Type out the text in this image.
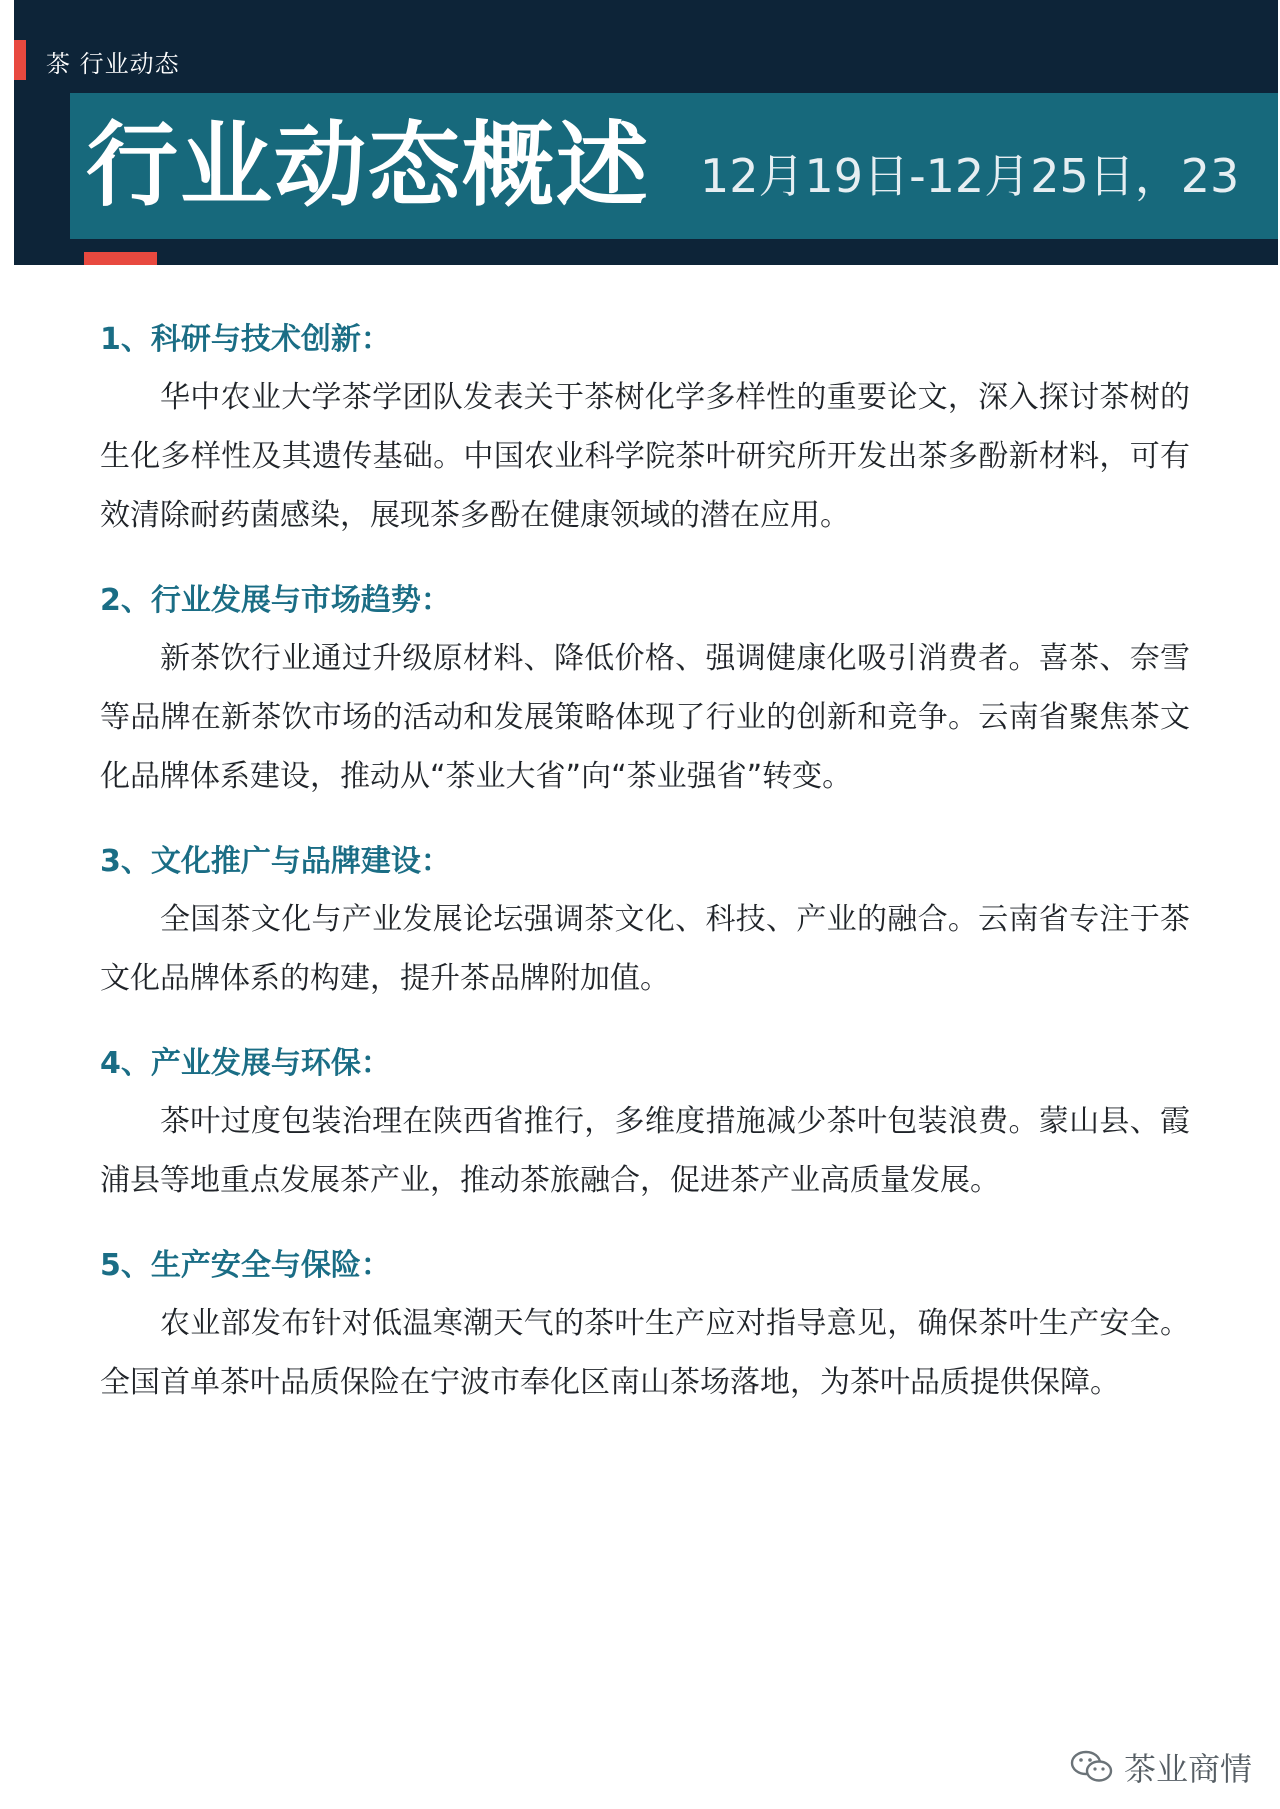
茶 行业动态
行业动态概述 12月19日-12月25日，23
1、科研与技术创新：

华中农业大学茶学团队发表关于茶树化学多样性的重要论文，深入探讨茶树的生化多样性及其遗传基础。中国农业科学院茶叶研究所开发出茶多酚新材料，可有效清除耐药菌感染，展现茶多酚在健康领域的潜在应用。

2、行业发展与市场趋势：

新茶饮行业通过升级原材料、降低价格、强调健康化吸引消费者。喜茶、奈雪等品牌在新茶饮市场的活动和发展策略体现了行业的创新和竞争。云南省聚焦茶文化品牌体系建设，推动从“茶业大省”向“茶业强省”转变。

3、文化推广与品牌建设：

全国茶文化与产业发展论坛强调茶文化、科技、产业的融合。云南省专注于茶文化品牌体系的构建，提升茶品牌附加值。

4、产业发展与环保：

茶叶过度包装治理在陕西省推行，多维度措施减少茶叶包装浪费。蒙山县、霞浦县等地重点发展茶产业，推动茶旅融合，促进茶产业高质量发展。

5、生产安全与保险：

农业部发布针对低温寒潮天气的茶叶生产应对指导意见，确保茶叶生产安全。全国首单茶叶品质保险在宁波市奉化区南山茶场落地，为茶叶品质提供保障。

茶业商情
